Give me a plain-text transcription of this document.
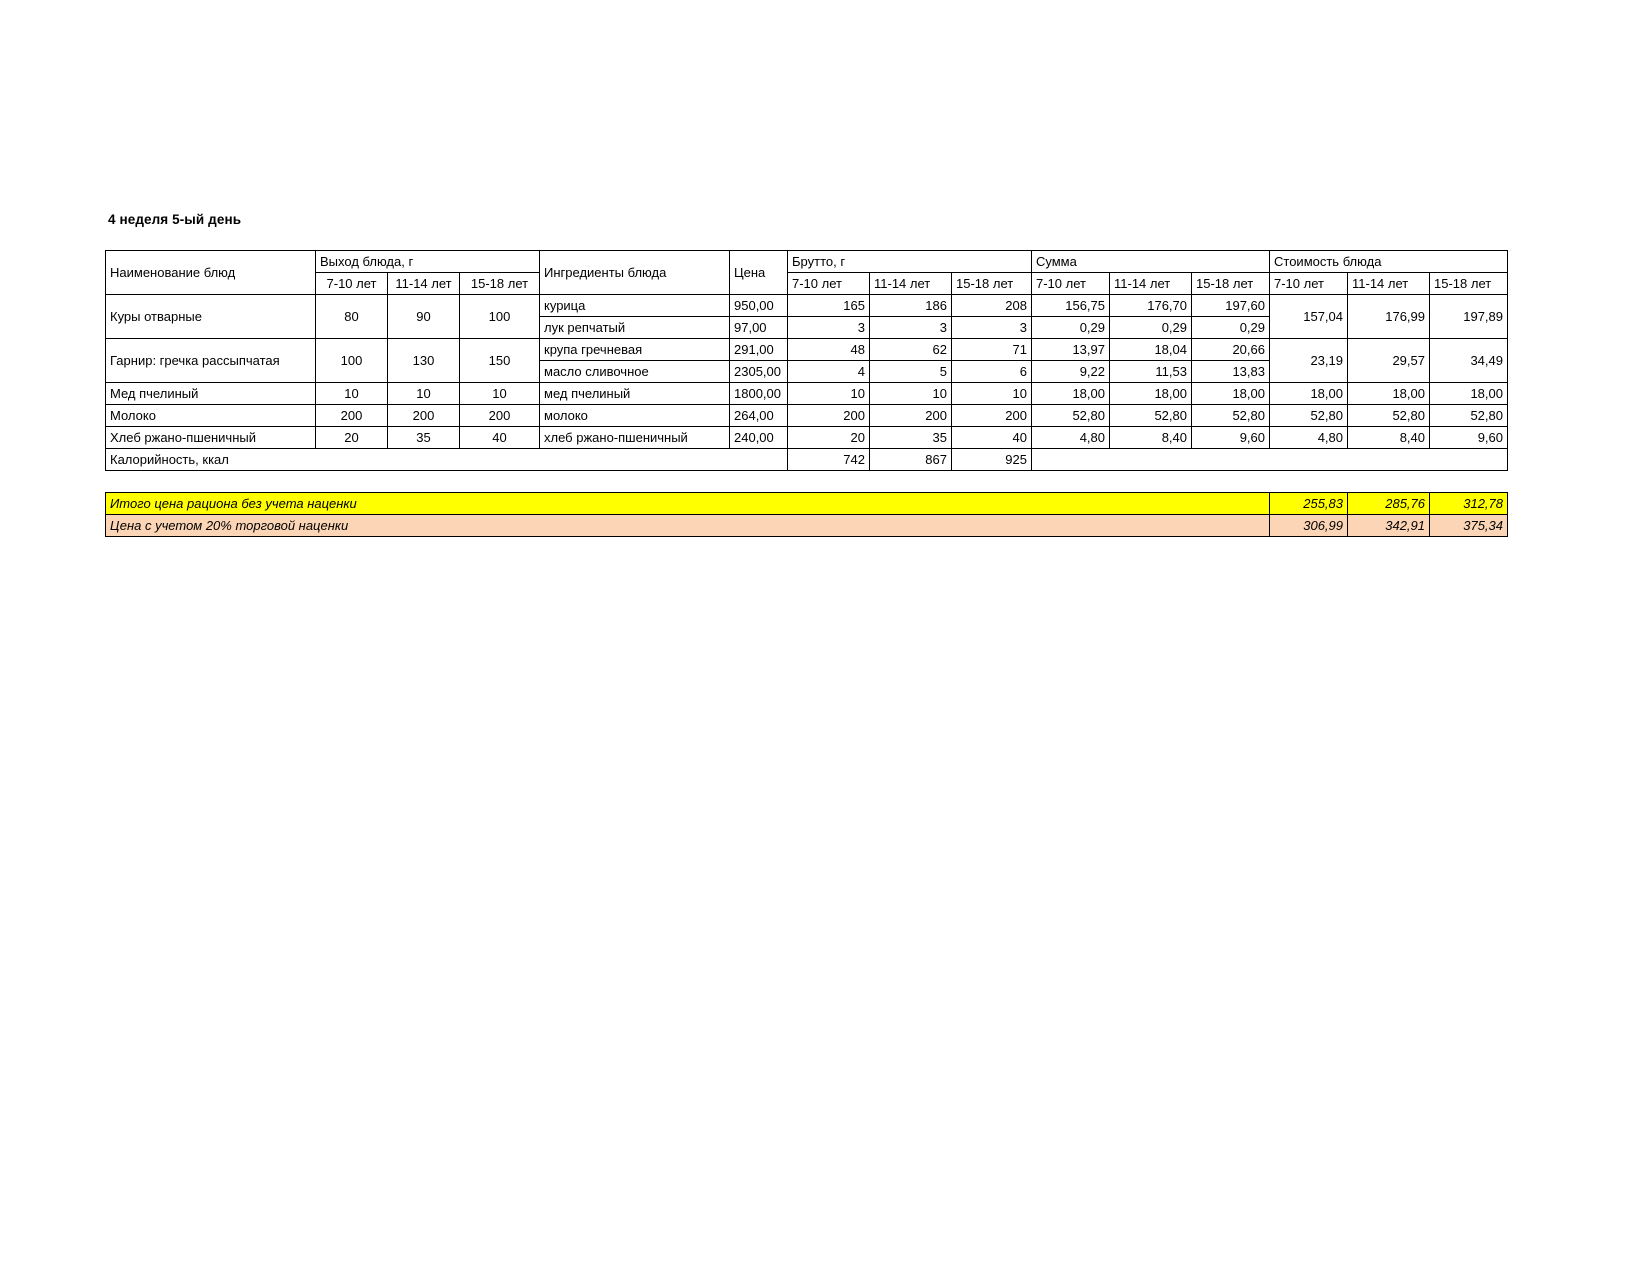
4 неделя 5-ый день
Наименование блюд	Выход блюда, г			Ингредиенты блюда	Цена	Брутто, г			Сумма			Стоимость блюда		
	7-10 лет	11-14 лет	15-18 лет			7-10 лет	11-14 лет	15-18 лет	7-10 лет	11-14 лет	15-18 лет	7-10 лет	11-14 лет	15-18 лет
Куры отварные	80	90	100	курица	950,00	165	186	208	156,75	176,70	197,60	157,04	176,99	197,89
				лук репчатый	97,00	3	3	3	0,29	0,29	0,29			
Гарнир: гречка рассыпчатая	100	130	150	крупа гречневая	291,00	48	62	71	13,97	18,04	20,66	23,19	29,57	34,49
				масло сливочное	2305,00	4	5	6	9,22	11,53	13,83			
Мед пчелиный	10	10	10	мед пчелиный	1800,00	10	10	10	18,00	18,00	18,00	18,00	18,00	18,00
Молоко	200	200	200	молоко	264,00	200	200	200	52,80	52,80	52,80	52,80	52,80	52,80
Хлеб ржано-пшеничный	20	35	40	хлеб ржано-пшеничный	240,00	20	35	40	4,80	8,40	9,60	4,80	8,40	9,60
Калорийность, ккал						742	867	925						

Итого цена рациона без учета наценки												255,83	285,76	312,78
Цена с учетом 20% торговой наценки												306,99	342,91	375,34
